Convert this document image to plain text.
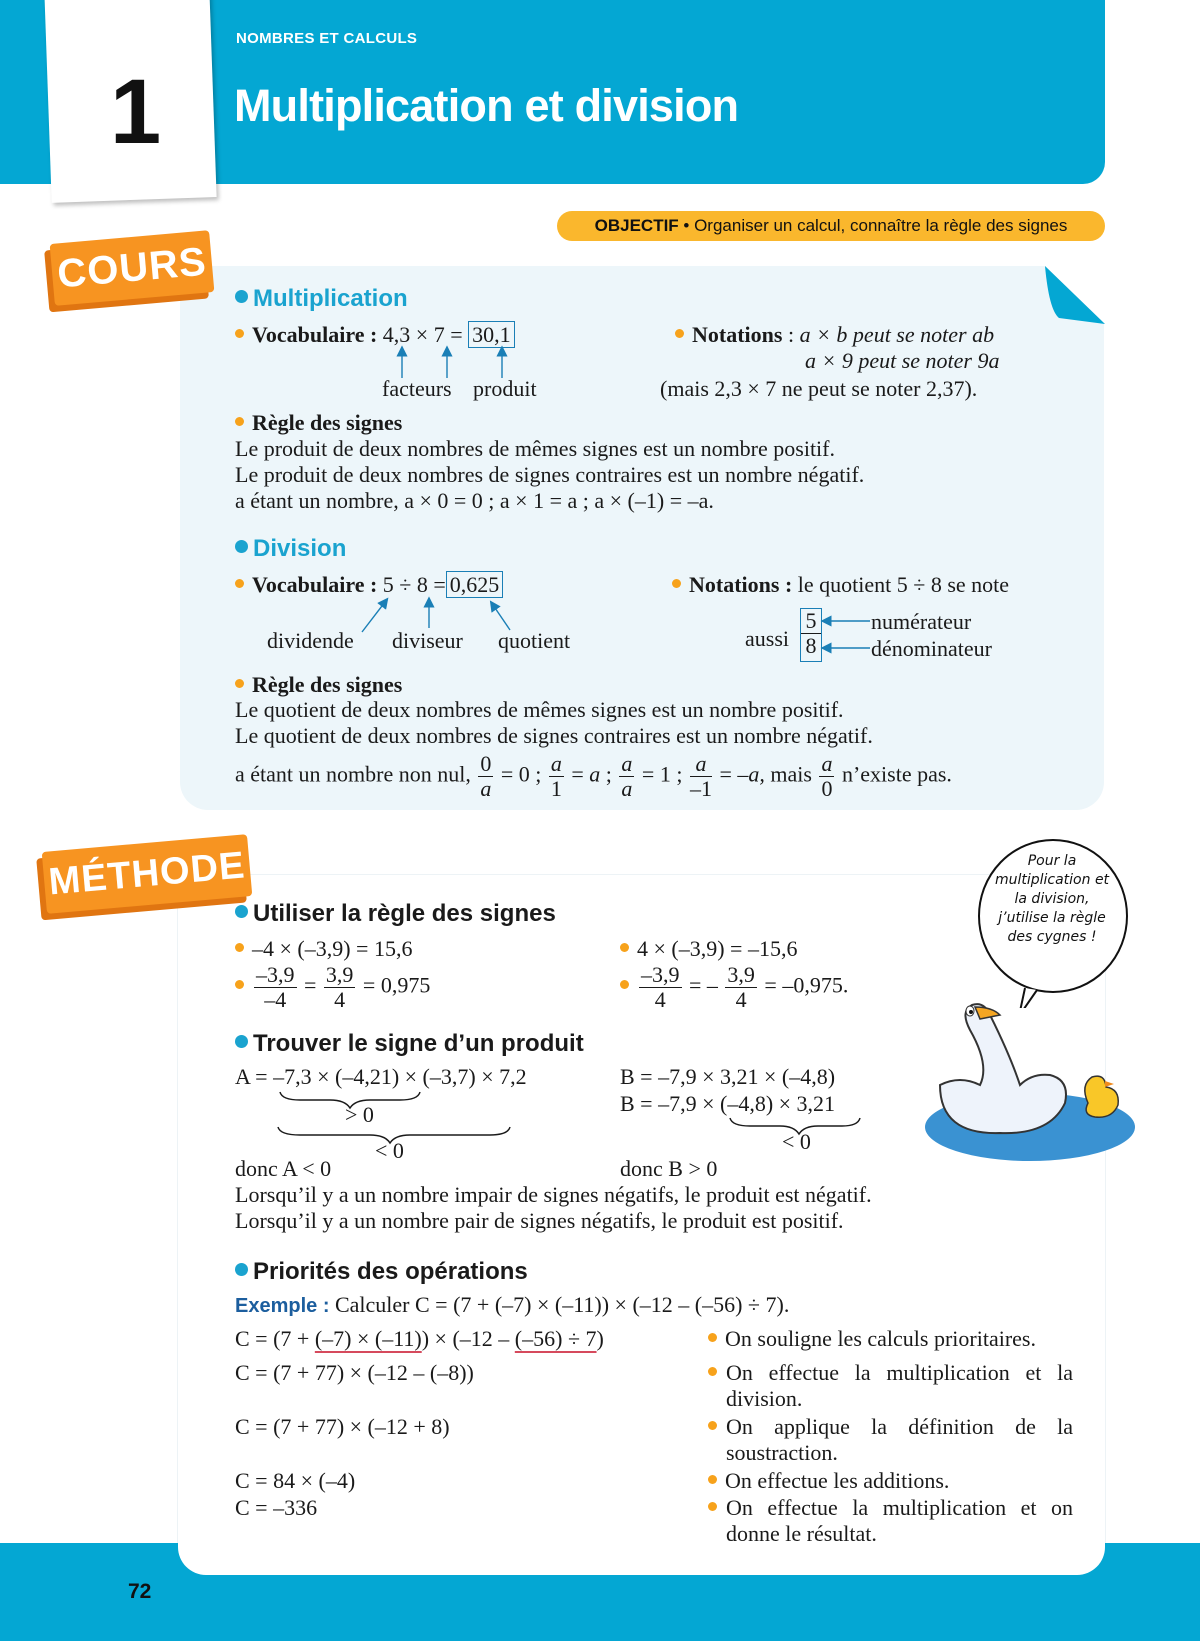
1
NOMBRES ET CALCULS
Multiplication et division
OBJECTIF • Organiser un calcul, connaître la règle des signes
COURS
Multiplication
Vocabulaire : 4,3 × 7 = 30,1
facteurs produit
Notations : a × b peut se noter ab
a × 9 peut se noter 9a
(mais 2,3 × 7 ne peut se noter 2,37).
Règle des signes
Le produit de deux nombres de mêmes signes est un nombre positif.
Le produit de deux nombres de signes contraires est un nombre négatif.
a étant un nombre, a × 0 = 0 ; a × 1 = a ; a × (–1) = –a.
Division
Vocabulaire : 5 ÷ 8 = 0,625
dividende diviseur quotient
Notations : le quotient 5 ÷ 8 se note
aussi $\frac{5}{8}$ numérateur
dénominateur
Règle des signes
Le quotient de deux nombres de mêmes signes est un nombre positif.
Le quotient de deux nombres de signes contraires est un nombre négatif.
a étant un nombre non nul, $\frac{0}{a} = 0$ ; $\frac{a}{1} = a$ ; $\frac{a}{a} = 1$ ; $\frac{a}{-1} = -a$, mais $\frac{a}{0}$ n’existe pas.
MÉTHODE
Utiliser la règle des signes
–4 × (–3,9) = 15,6	4 × (–3,9) = –15,6
$\frac{-3,9}{-4} = \frac{3,9}{4} = 0,975$	$\frac{-3,9}{4}$ = – $\frac{3,9}{4} = -0,975$.
Trouver le signe d’un produit
A = –7,3 × (–4,21) × (–3,7) × 7,2
> 0
< 0
donc A < 0
B = –7,9 × 3,21 × (–4,8)
B = –7,9 × (–4,8) × 3,21
< 0
donc B > 0
Lorsqu’il y a un nombre impair de signes négatifs, le produit est négatif.
Lorsqu’il y a un nombre pair de signes négatifs, le produit est positif.
Priorités des opérations
Exemple : Calculer C = (7 + (–7) × (–11)) × (–12 – (–56) ÷ 7).
C = (7 + (–7) × (–11)) × (–12 – (–56) ÷ 7)
C = (7 + 77) × (–12 – (–8))
C = (7 + 77) × (–12 + 8)
C = 84 × (–4)
C = –336
On souligne les calculs prioritaires.
On effectue la multiplication et la division.
On applique la définition de la soustraction.
On effectue les additions.
On effectue la multiplication et on donne le résultat.
Pour la multiplication et la division, j’utilise la règle des cygnes !
72
